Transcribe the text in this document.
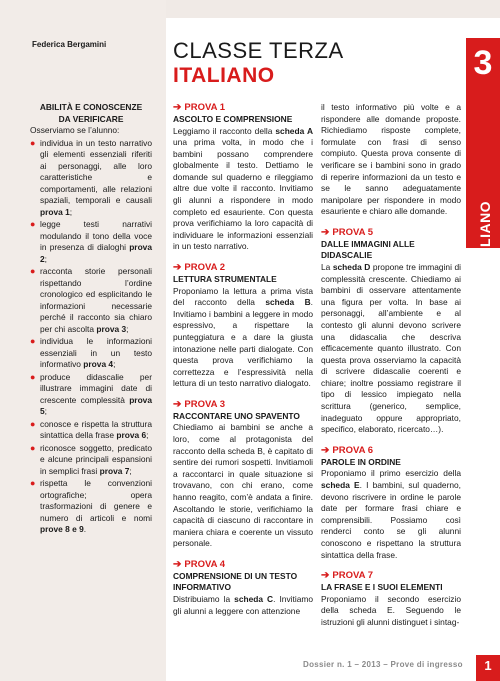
Federica Bergamini
ABILITÀ E CONOSCENZE
DA VERIFICARE
Osserviamo se l’alunno:
● individua in un testo narrativo gli elementi essenziali riferiti ai personaggi, alle loro caratteristiche e comportamenti, alle relazioni spaziali, temporali e causali prova 1;
● legge testi narrativi modulando il tono della voce in presenza di dialoghi prova 2;
● racconta storie personali rispettando l’ordine cronologico ed esplicitando le informazioni necessarie perché il racconto sia chiaro per chi ascolta prova 3;
● individua le informazioni essenziali in un testo informativo prova 4;
● produce didascalie per illustrare immagini date di crescente complessità prova 5;
● conosce e rispetta la struttura sintattica della frase prova 6;
● riconosce soggetto, predicato e alcune principali espansioni in semplici frasi prova 7;
● rispetta le convenzioni ortografiche; opera trasformazioni di genere e numero di articoli e nomi prove 8 e 9.
CLASSE TERZA
ITALIANO	3
ITALIANO
➔ PROVA 1
ASCOLTO E COMPRENSIONE
Leggiamo il racconto della scheda A una prima volta, in modo che i bambini possano comprendere globalmente il testo. Dettiamo le domande sul quaderno e rileggiamo altre due volte il racconto. Invitiamo gli alunni a rispondere in modo completo ed esauriente. Con questa prova verifichiamo la loro capacità di individuare le informazioni essenziali in un testo narrativo.
➔ PROVA 2
LETTURA STRUMENTALE
Proponiamo la lettura a prima vista del racconto della scheda B. Invitiamo i bambini a leggere in modo espressivo, a rispettare la punteggiatura e a dare la giusta intonazione nelle parti dialogate. Con questa prova verifichiamo la correttezza e l’espressività nella lettura di un testo narrativo dialogato.
➔ PROVA 3
RACCONTARE UNO SPAVENTO
Chiediamo ai bambini se anche a loro, come al protagonista del racconto della scheda B, è capitato di sentire dei rumori sospetti. Invitiamoli a raccontarci in quale situazione si trovavano, con chi erano, come hanno reagito, com’è andata a finire. Ascoltando le storie, verifichiamo la capacità di ciascuno di raccontare in maniera chiara e coerente un vissuto personale.
➔ PROVA 4
COMPRENSIONE DI UN TESTO INFORMATIVO
Distribuiamo la scheda C. Invitiamo gli alunni a leggere con attenzione
il testo informativo più volte e a rispondere alle domande proposte. Richiediamo risposte complete, formulate con frasi di senso compiuto. Questa prova consente di verificare se i bambini sono in grado di reperire informazioni da un testo e se le sanno adeguatamente manipolare per rispondere in modo esauriente e chiaro alle domande.
➔ PROVA 5
DALLE IMMAGINI ALLE DIDASCALIE
La scheda D propone tre immagini di complessità crescente. Chiediamo ai bambini di osservare attentamente una figura per volta. In base ai personaggi, all’ambiente e al contesto gli alunni devono scrivere una didascalia che descriva efficacemente quanto illustrato. Con questa prova osserviamo la capacità di scrivere didascalie coerenti e chiare; inoltre possiamo registrare il tipo di lessico impiegato nella scrittura (generico, semplice, inadeguato oppure appropriato, specifico, elaborato, ricercato…).
➔ PROVA 6
PAROLE IN ORDINE
Proponiamo il primo esercizio della scheda E. I bambini, sul quaderno, devono riscrivere in ordine le parole date per formare frasi chiare e comprensibili. Possiamo così renderci conto se gli alunni conoscono e rispettano la struttura sintattica della frase.
➔ PROVA 7
LA FRASE E I SUOI ELEMENTI
Proponiamo il secondo esercizio della scheda E. Seguendo le istruzioni gli alunni distinguet i sintag-
Dossier n. 1 – 2013 – Prove di ingresso	1
